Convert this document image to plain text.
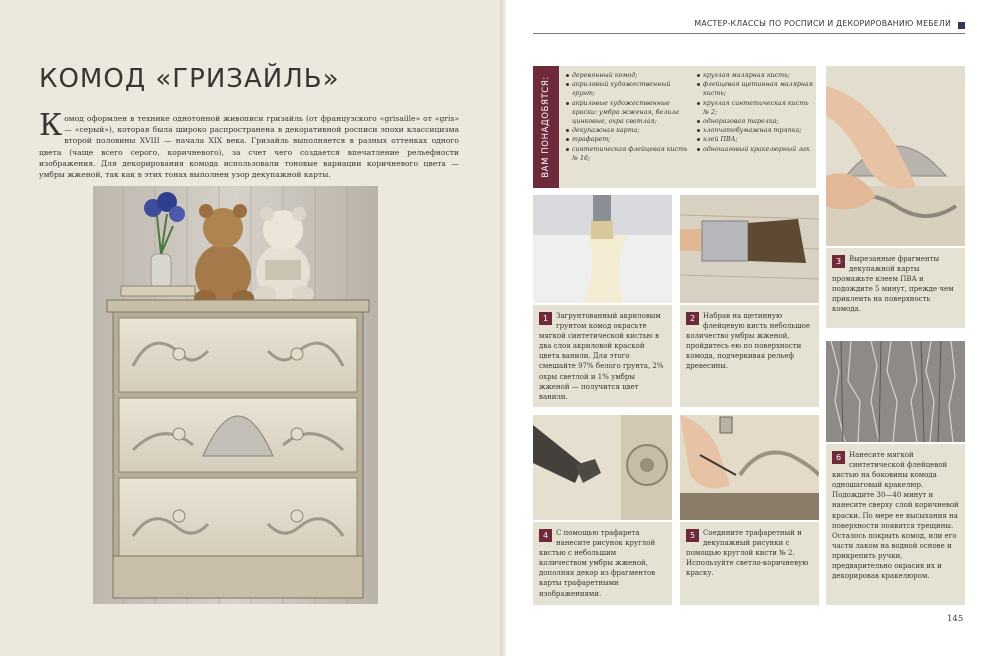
КОМОД «ГРИЗАЙЛЬ»

Комод оформлен в технике однотонной живописи гризайль (от французского «grisaille» от «gris» — «серый»), которая была широко распространена в декоративной росписи эпохи классицизма второй половины XVIII — начала XIX века. Гризайль выполняется в разных оттенках одного цвета (чаще всего серого, коричневого), за счет чего создается впечатление рельефности изображения. Для декорирования комода использовали тоновые вариации коричневого цвета — умбры жженой, так как в этих тонах выполнен узор декупажной карты.

МАСТЕР-КЛАССЫ ПО РОСПИСИ И ДЕКОРИРОВАНИЮ МЕБЕЛИ
ВАМ ПОНАДОБЯТСЯ:
деревянный комод;
акриловый художественный грунт;
акриловые художественные краски: умбра жженая, белила цинковые, охра светлая;
декупажная карта;
трафарет;
синтетическая флейцевая кисть № 16;
круглая малярная кисть;
флейцевая щетинная малярная кисть;
круглая синтетическая кисть № 2;
одноразовая тарелка;
хлопчатобумажная тряпка;
клей ПВА;
одношаговый кракелюрный лак
3	Вырезанные фрагменты декупажной карты промажьте клеем ПВА и подождите 5 минут, прежде чем приклеить на поверхность комода.
1	Загрунтованный акриловым грунтом комод окрасьте мягкой синтетической кистью в два слоя акриловой краской цвета ванили. Для этого смешайте 97% белого грунта, 2% охры светлой и 1% умбры жженой — получится цвет ванили.
2	Набрав на щетинную флейцевую кисть небольшое количество умбры жженой, пройдитесь ею по поверхности комода, подчеркивая рельеф древесины.
6	Нанесите мягкой синтетической флейцевой кистью на боковины комода одношаговый кракелюр. Подождите 30—40 минут и нанесите сверху слой коричневой краски. По мере ее высыхания на поверхности появятся трещины. Осталось покрыть комод, или его части лаком на водной основе и прикрепить ручки, предварительно окрасив их и декорировав кракелюром.
4	С помощью трафарета нанесите рисунок круглой кистью с небольшим количеством умбры жженой, дополняя декор из фрагментов карты трафаретными изображениями.
5	Соедините трафаретный и декупажный рисунки с помощью круглой кисти № 2. Используйте светло-коричневую краску.
145
